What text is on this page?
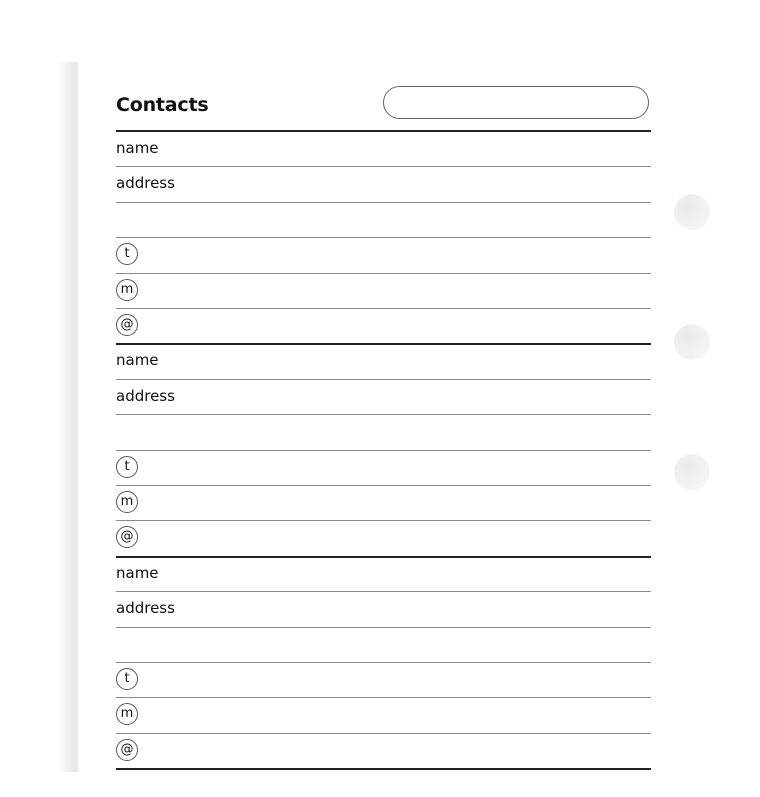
Contacts
name
address
t
m
@
name
address
t
m
@
name
address
t
m
@
